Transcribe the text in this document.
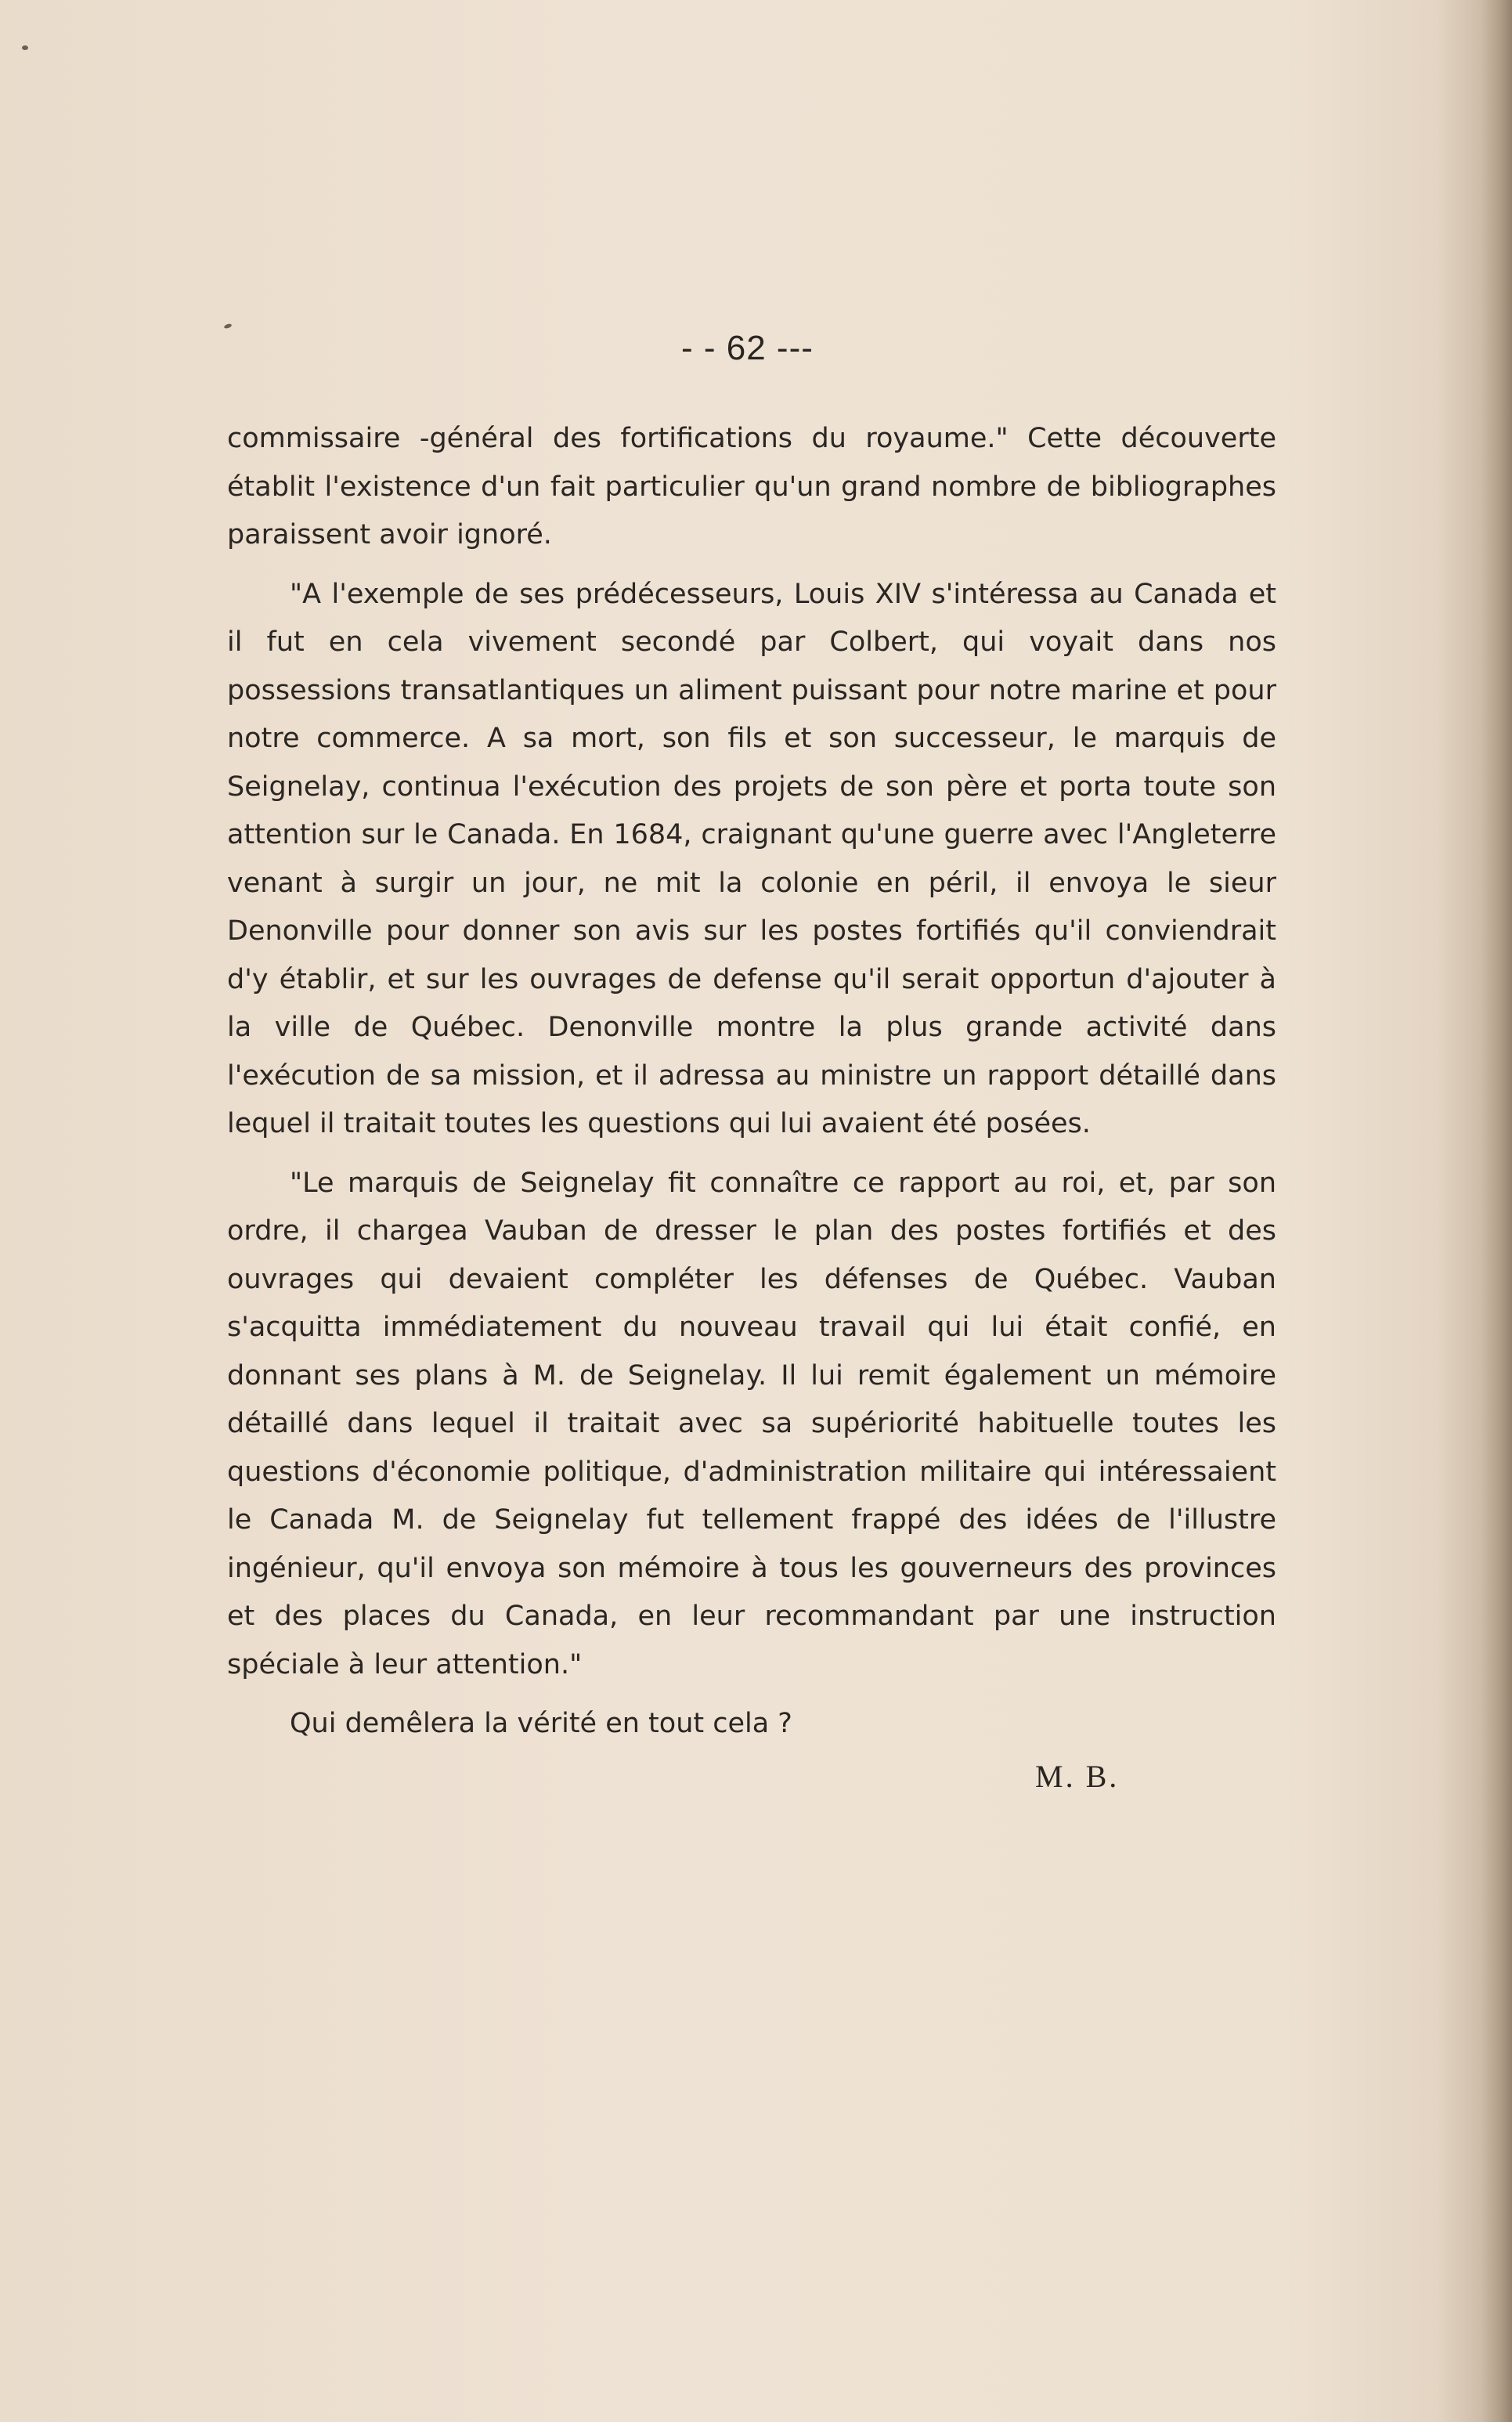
- - 62 ---

commissaire -général des fortifications du royaume." Cette découverte établit l'existence d'un fait particulier qu'un grand nombre de bibliographes paraissent avoir ignoré.

"A l'exemple de ses prédécesseurs, Louis XIV s'intéressa au Canada et il fut en cela vivement secondé par Colbert, qui voyait dans nos possessions transatlantiques un aliment puissant pour notre marine et pour notre commerce. A sa mort, son fils et son successeur, le marquis de Seignelay, continua l'exécution des projets de son père et porta toute son attention sur le Canada. En 1684, craignant qu'une guerre avec l'Angleterre venant à surgir un jour, ne mit la colonie en péril, il envoya le sieur Denonville pour donner son avis sur les postes fortifiés qu'il conviendrait d'y établir, et sur les ouvrages de defense qu'il serait opportun d'ajouter à la ville de Québec. Denonville montre la plus grande activité dans l'exécution de sa mission, et il adressa au ministre un rapport détaillé dans lequel il traitait toutes les questions qui lui avaient été posées.

"Le marquis de Seignelay fit connaître ce rapport au roi, et, par son ordre, il chargea Vauban de dresser le plan des postes fortifiés et des ouvrages qui devaient compléter les défenses de Québec. Vauban s'acquitta immédiatement du nouveau travail qui lui était confié, en donnant ses plans à M. de Seignelay. Il lui remit également un mémoire détaillé dans lequel il traitait avec sa supériorité habituelle toutes les questions d'économie politique, d'administration militaire qui intéressaient le Canada M. de Seignelay fut tellement frappé des idées de l'illustre ingénieur, qu'il envoya son mémoire à tous les gouverneurs des provinces et des places du Canada, en leur recommandant par une instruction spéciale à leur attention."

Qui demêlera la vérité en tout cela ?

M. B.
